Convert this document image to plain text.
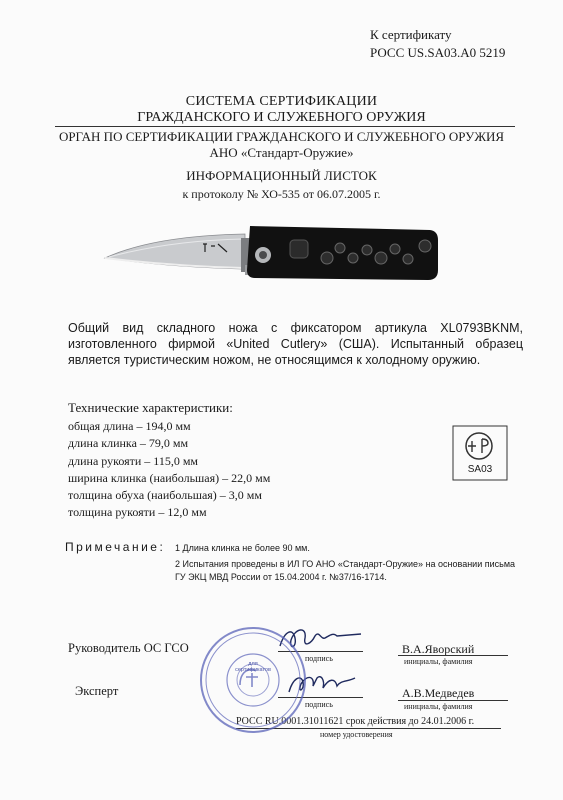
К сертификату
РОСС US.SA03.A0 5219
СИСТЕМА СЕРТИФИКАЦИИ
ГРАЖДАНСКОГО И СЛУЖЕБНОГО ОРУЖИЯ
ОРГАН ПО СЕРТИФИКАЦИИ ГРАЖДАНСКОГО И СЛУЖЕБНОГО ОРУЖИЯ
АНО «Стандарт-Оружие»
ИНФОРМАЦИОННЫЙ ЛИСТОК
к протоколу № ХО-535 от 06.07.2005 г.
Общий вид складного ножа с фиксатором артикула XL0793BKNM, изготовленного фирмой «United Cutlery» (США). Испытанный образец является туристическим ножом, не относящимся к холодному оружию.
Технические характеристики:
общая длина – 194,0 мм
длина клинка – 79,0 мм
длина рукояти – 115,0 мм
ширина клинка (наибольшая) – 22,0 мм
толщина обуха (наибольшая) – 3,0 мм
толщина рукояти – 12,0 мм
SA03
Примечание: 1 Длина клинка не более 90 мм.
2 Испытания проведены в ИЛ ГО АНО «Стандарт-Оружие» на основании письма ГУ ЭКЦ МВД России от 15.04.2004 г. №37/16-1714.
Руководитель ОС ГСО
подпись
В.А.Яворский
инициалы, фамилия
Эксперт
подпись
А.В.Медведев
инициалы, фамилия
РОСС RU.0001.31011621 срок действия до 24.01.2006 г.
номер удостоверения
для сертификатов
